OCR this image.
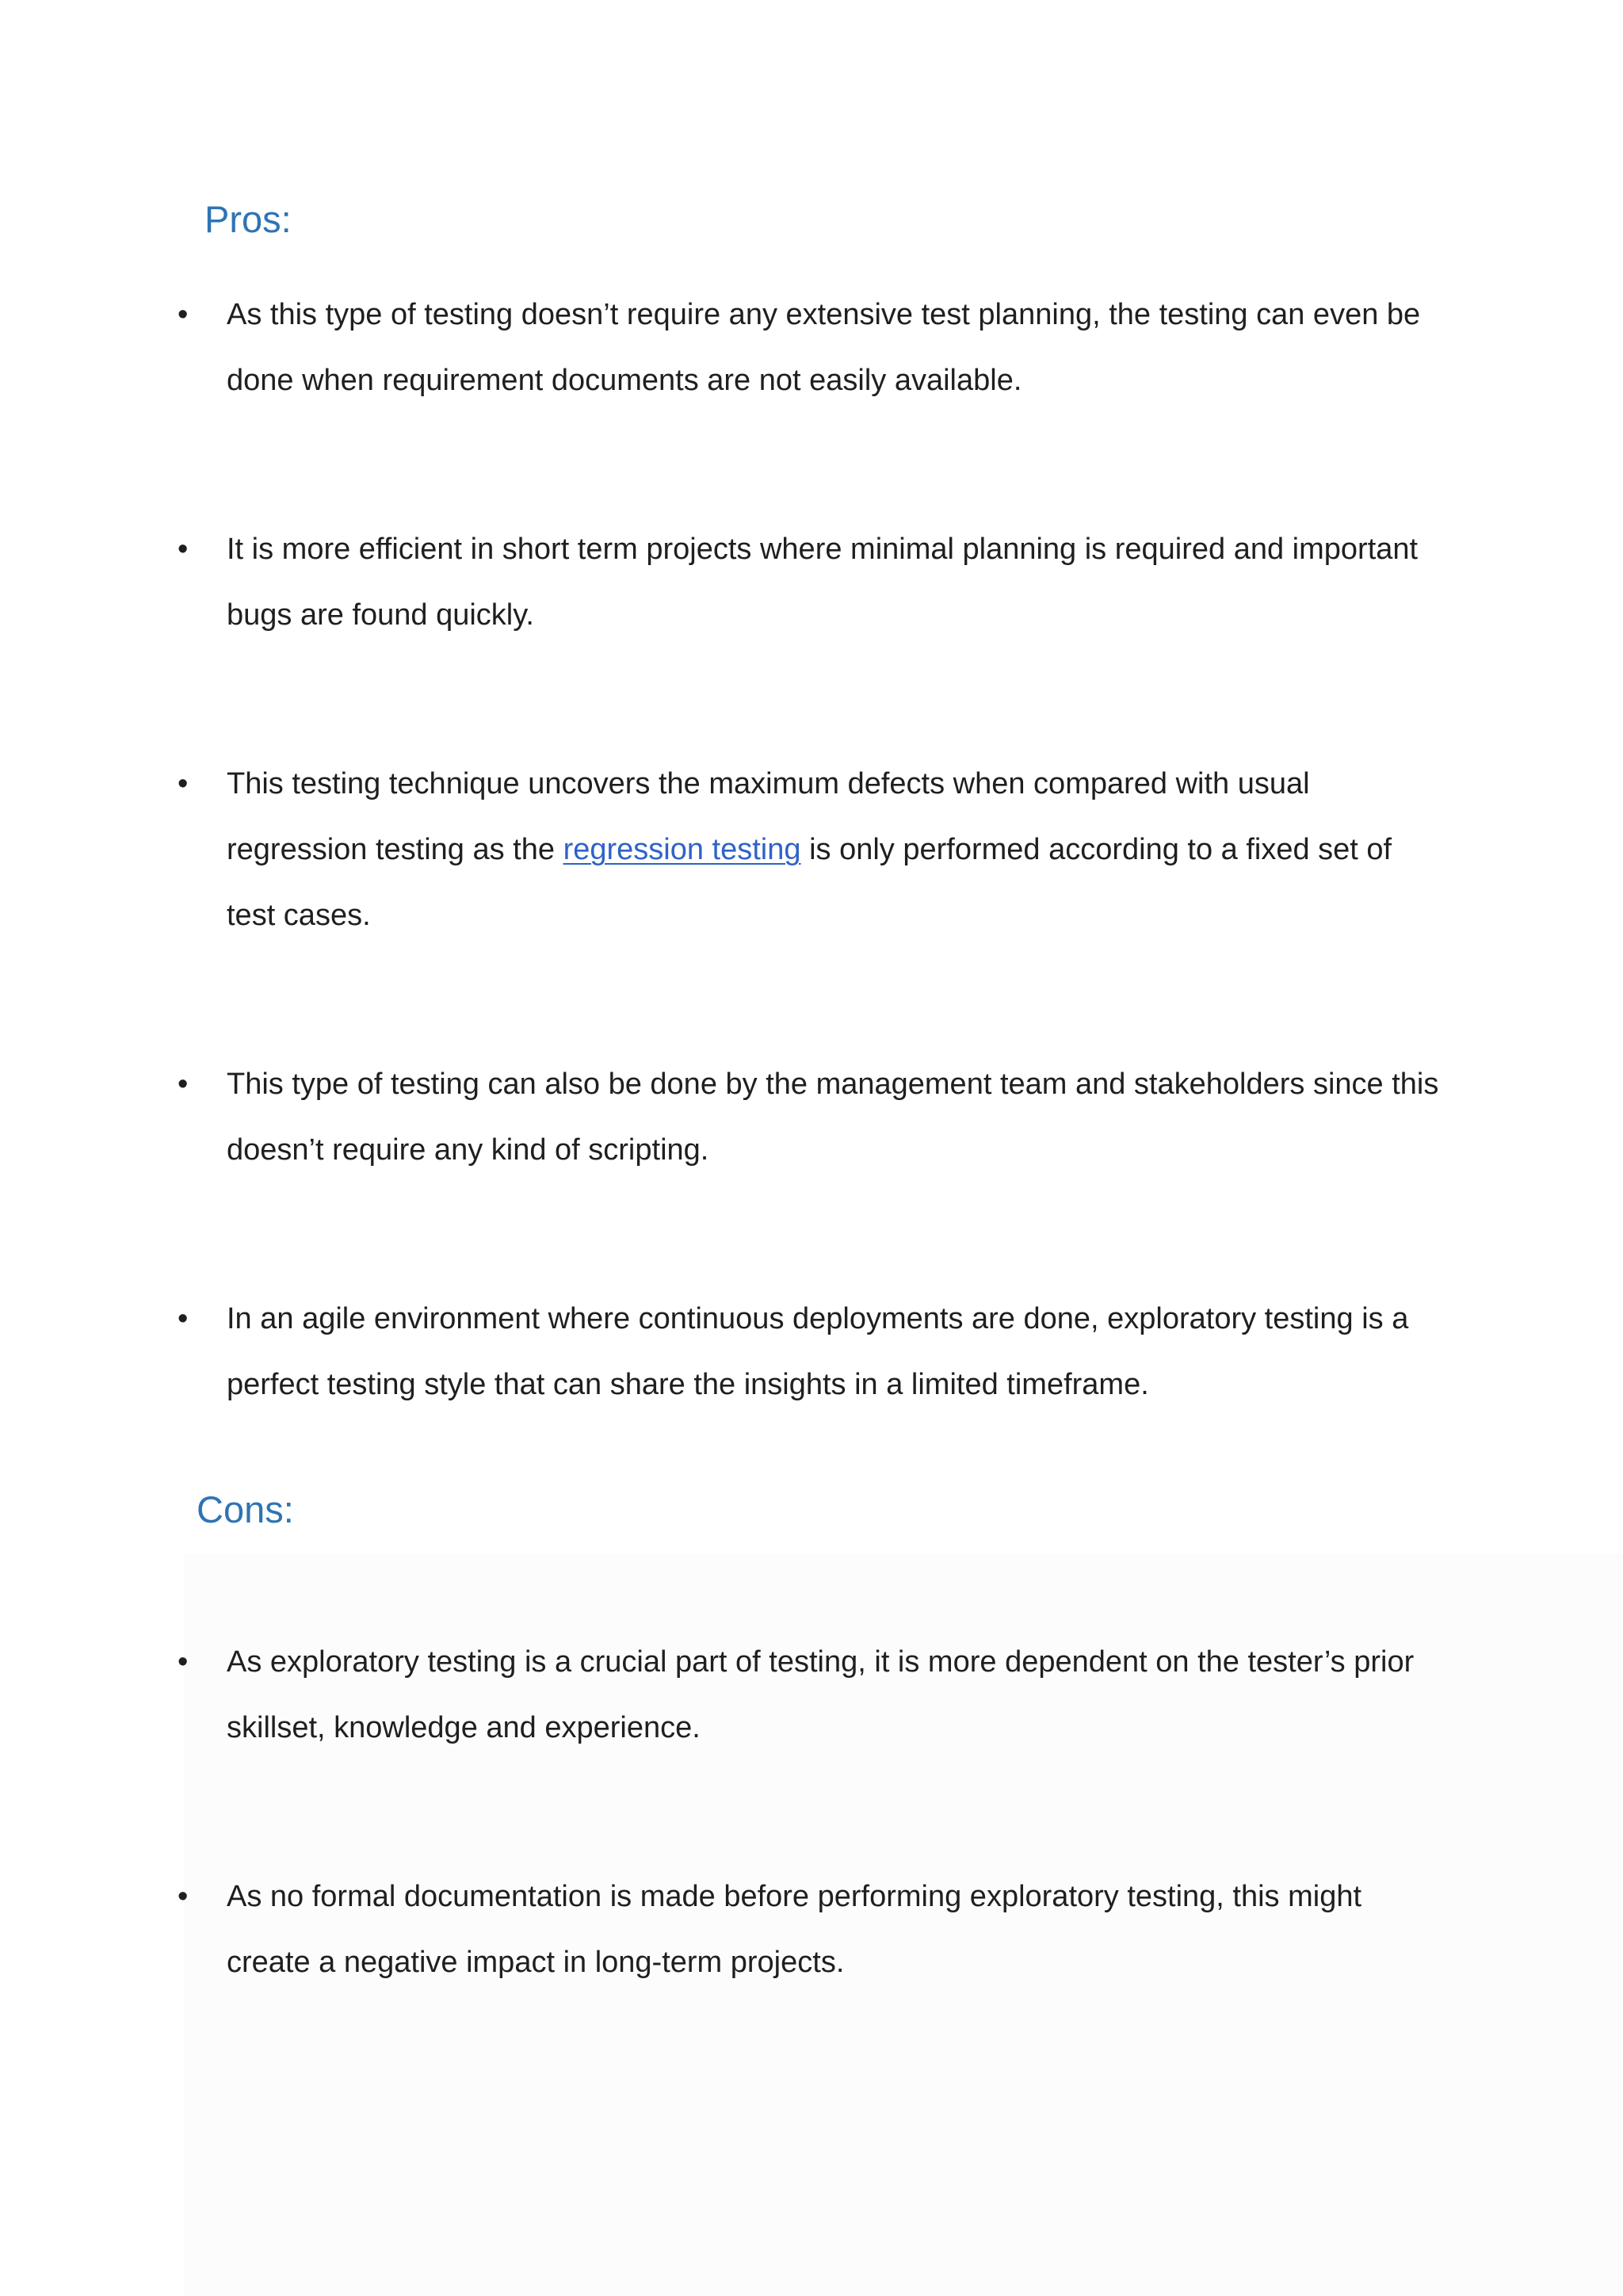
Pros:
•	As this type of testing doesn’t require any extensive test planning, the testing can even be done when requirement documents are not easily available.
•	It is more efficient in short term projects where minimal planning is required and important bugs are found quickly.
•	This testing technique uncovers the maximum defects when compared with usual regression testing as the regression testing is only performed according to a fixed set of test cases.
•	This type of testing can also be done by the management team and stakeholders since this doesn’t require any kind of scripting.
•	In an agile environment where continuous deployments are done, exploratory testing is a perfect testing style that can share the insights in a limited timeframe.
Cons:
•	As exploratory testing is a crucial part of testing, it is more dependent on the tester’s prior skillset, knowledge and experience.
•	As no formal documentation is made before performing exploratory testing, this might create a negative impact in long-term projects.
